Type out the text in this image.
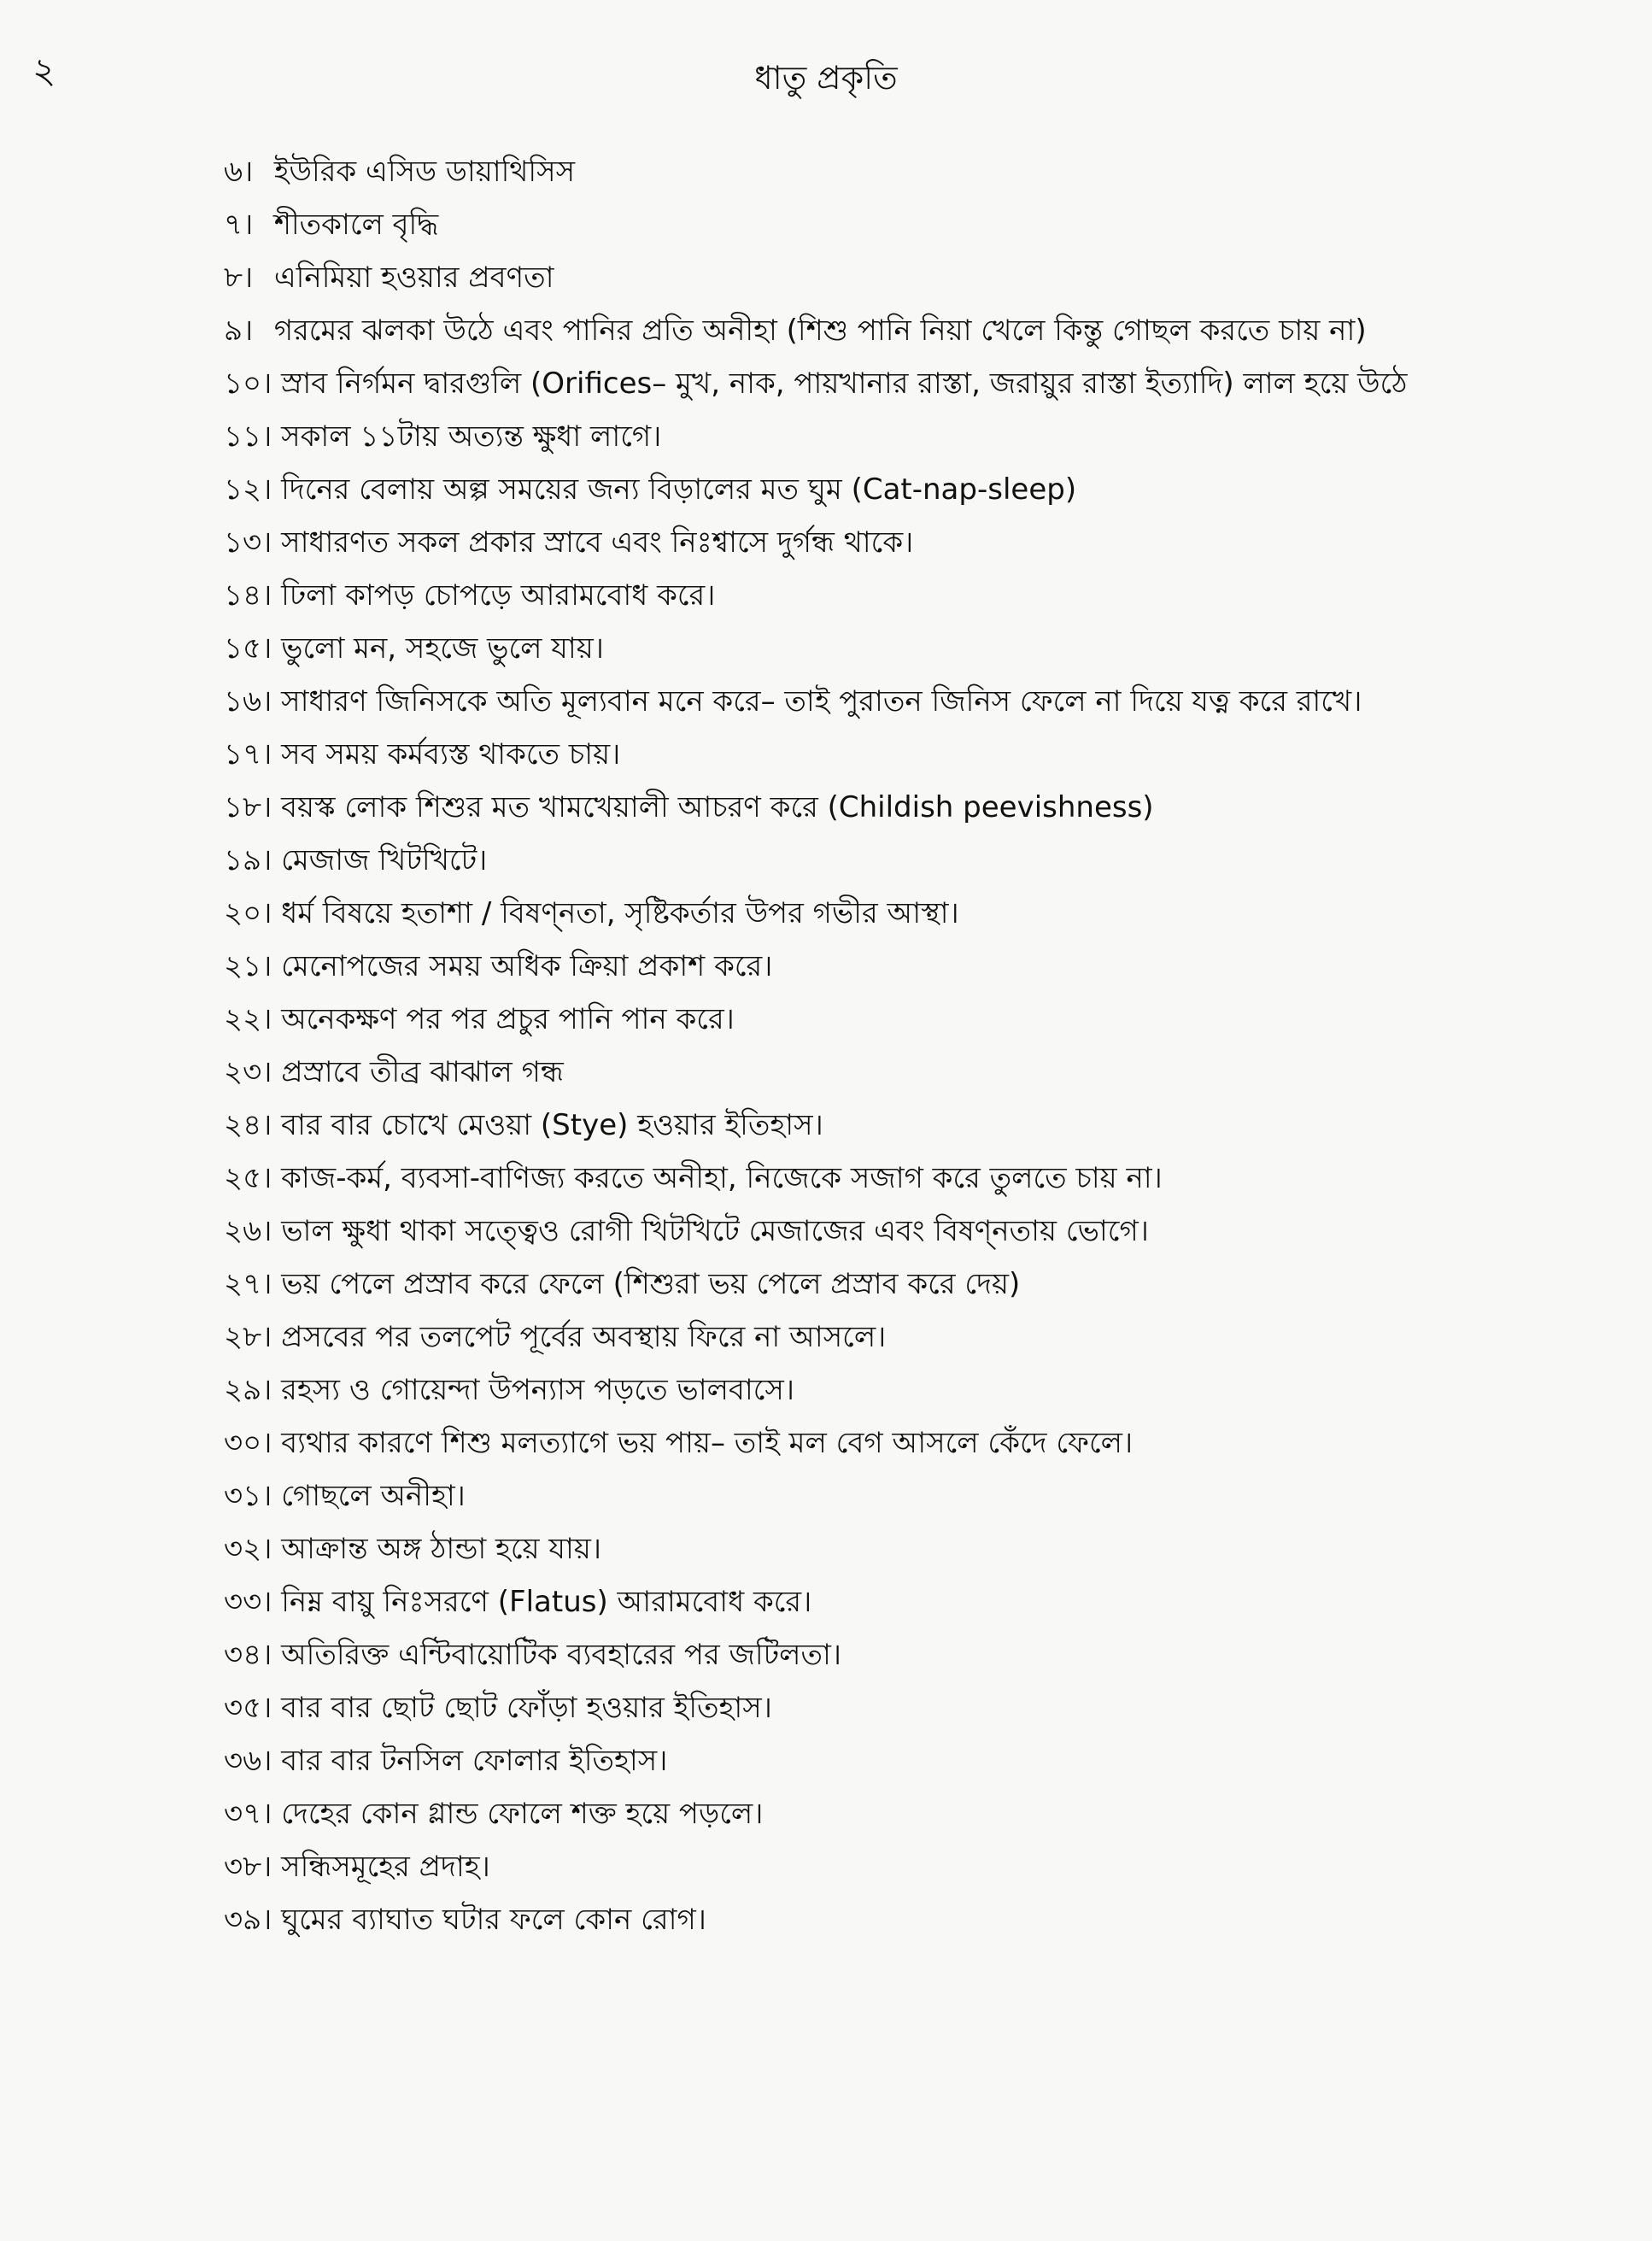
২	ধাতু প্রকৃতি
৬। ইউরিক এসিড ডায়াথিসিস
৭। শীতকালে বৃদ্ধি
৮। এনিমিয়া হওয়ার প্রবণতা
৯। গরমের ঝলকা উঠে এবং পানির প্রতি অনীহা (শিশু পানি নিয়া খেলে কিন্তু গোছল করতে চায় না)
১০। স্রাব নির্গমন দ্বারগুলি (Orifices– মুখ, নাক, পায়খানার রাস্তা, জরায়ুর রাস্তা ইত্যাদি) লাল হয়ে উঠে
১১। সকাল ১১টায় অত্যন্ত ক্ষুধা লাগে।
১২। দিনের বেলায় অল্প সময়ের জন্য বিড়ালের মত ঘুম (Cat-nap-sleep)
১৩। সাধারণত সকল প্রকার স্রাবে এবং নিঃশ্বাসে দুর্গন্ধ থাকে।
১৪। ঢিলা কাপড় চোপড়ে আরামবোধ করে।
১৫। ভুলো মন, সহজে ভুলে যায়।
১৬। সাধারণ জিনিসকে অতি মূল্যবান মনে করে– তাই পুরাতন জিনিস ফেলে না দিয়ে যত্ন করে রাখে।
১৭। সব সময় কর্মব্যস্ত থাকতে চায়।
১৮। বয়স্ক লোক শিশুর মত খামখেয়ালী আচরণ করে (Childish peevishness)
১৯। মেজাজ খিটখিটে।
২০। ধর্ম বিষয়ে হতাশা / বিষণ্নতা, সৃষ্টিকর্তার উপর গভীর আস্থা।
২১। মেনোপজের সময় অধিক ক্রিয়া প্রকাশ করে।
২২। অনেকক্ষণ পর পর প্রচুর পানি পান করে।
২৩। প্রস্রাবে তীব্র ঝাঝাল গন্ধ
২৪। বার বার চোখে মেওয়া (Stye) হওয়ার ইতিহাস।
২৫। কাজ-কর্ম, ব্যবসা-বাণিজ্য করতে অনীহা, নিজেকে সজাগ করে তুলতে চায় না।
২৬। ভাল ক্ষুধা থাকা সত্ত্বেও রোগী খিটখিটে মেজাজের এবং বিষণ্নতায় ভোগে।
২৭। ভয় পেলে প্রস্রাব করে ফেলে (শিশুরা ভয় পেলে প্রস্রাব করে দেয়)
২৮। প্রসবের পর তলপেট পূর্বের অবস্থায় ফিরে না আসলে।
২৯। রহস্য ও গোয়েন্দা উপন্যাস পড়তে ভালবাসে।
৩০। ব্যথার কারণে শিশু মলত্যাগে ভয় পায়– তাই মল বেগ আসলে কেঁদে ফেলে।
৩১। গোছলে অনীহা।
৩২। আক্রান্ত অঙ্গ ঠান্ডা হয়ে যায়।
৩৩। নিম্ন বায়ু নিঃসরণে (Flatus) আরামবোধ করে।
৩৪। অতিরিক্ত এন্টিবায়োটিক ব্যবহারের পর জটিলতা।
৩৫। বার বার ছোট ছোট ফোঁড়া হওয়ার ইতিহাস।
৩৬। বার বার টনসিল ফোলার ইতিহাস।
৩৭। দেহের কোন গ্লান্ড ফোলে শক্ত হয়ে পড়লে।
৩৮। সন্ধিসমূহের প্রদাহ।
৩৯। ঘুমের ব্যাঘাত ঘটার ফলে কোন রোগ।
